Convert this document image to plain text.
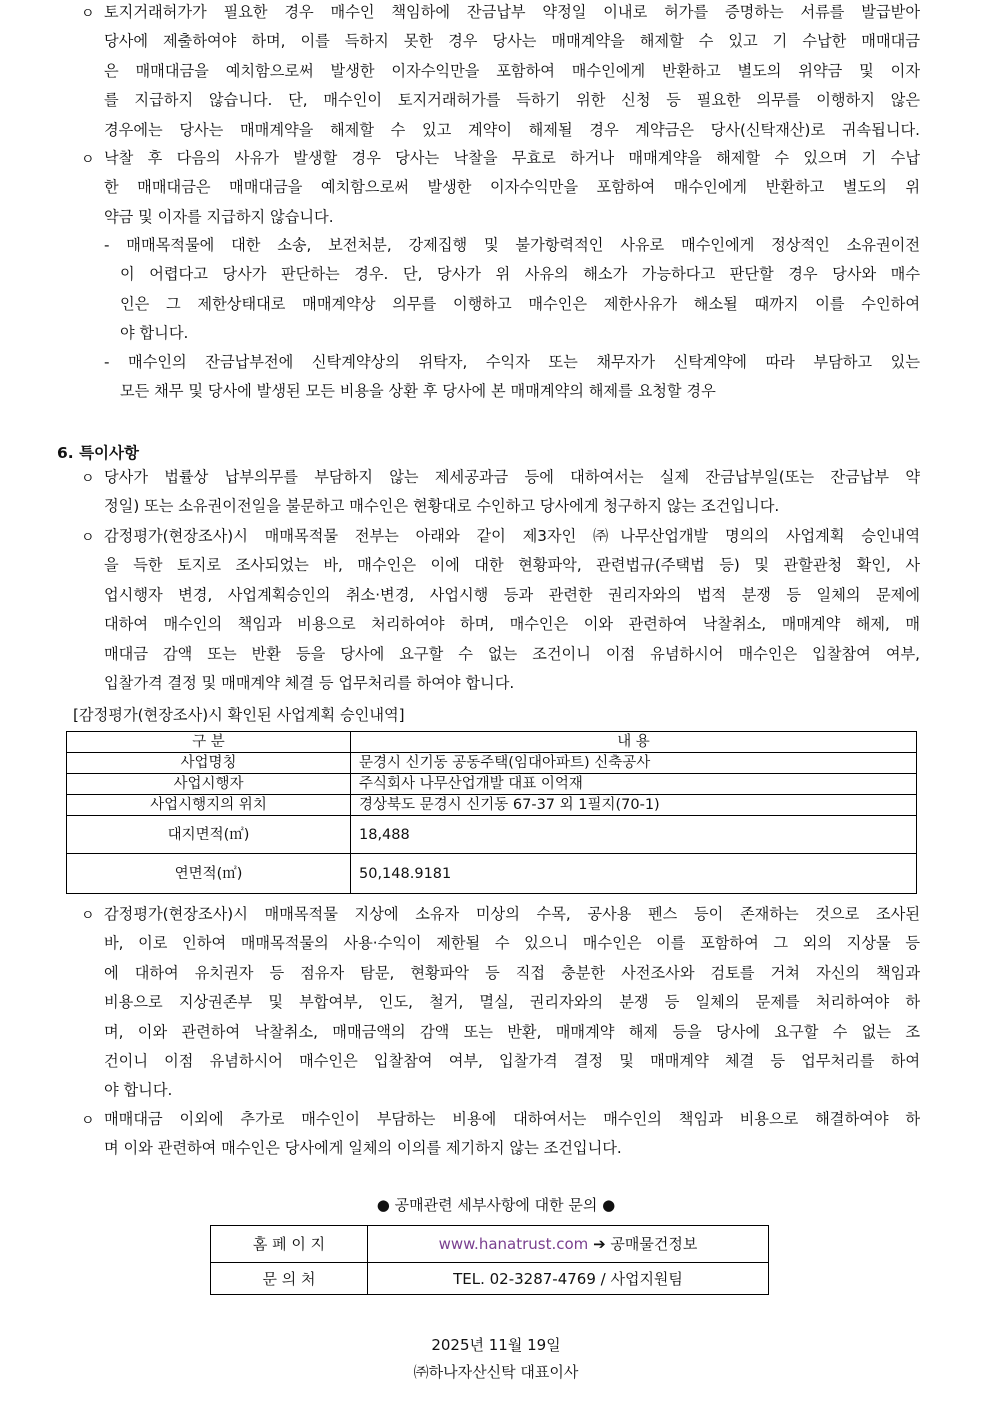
ㅇ 토지거래허가가 필요한 경우 매수인 책임하에 잔금납부 약정일 이내로 허가를 증명하는 서류를 발급받아
당사에 제출하여야 하며, 이를 득하지 못한 경우 당사는 매매계약을 해제할 수 있고 기 수납한 매매대금
은 매매대금을 예치함으로써 발생한 이자수익만을 포함하여 매수인에게 반환하고 별도의 위약금 및 이자
를 지급하지 않습니다. 단, 매수인이 토지거래허가를 득하기 위한 신청 등 필요한 의무를 이행하지 않은
경우에는 당사는 매매계약을 해제할 수 있고 계약이 해제될 경우 계약금은 당사(신탁재산)로 귀속됩니다.
ㅇ 낙찰 후 다음의 사유가 발생할 경우 당사는 낙찰을 무효로 하거나 매매계약을 해제할 수 있으며 기 수납
한 매매대금은 매매대금을 예치함으로써 발생한 이자수익만을 포함하여 매수인에게 반환하고 별도의 위
약금 및 이자를 지급하지 않습니다.
- 매매목적물에 대한 소송, 보전처분, 강제집행 및 불가항력적인 사유로 매수인에게 정상적인 소유권이전
이 어렵다고 당사가 판단하는 경우. 단, 당사가 위 사유의 해소가 가능하다고 판단할 경우 당사와 매수
인은 그 제한상태대로 매매계약상 의무를 이행하고 매수인은 제한사유가 해소될 때까지 이를 수인하여
야 합니다.
- 매수인의 잔금납부전에 신탁계약상의 위탁자, 수익자 또는 채무자가 신탁계약에 따라 부담하고 있는
모든 채무 및 당사에 발생된 모든 비용을 상환 후 당사에 본 매매계약의 해제를 요청할 경우
6. 특이사항
ㅇ 당사가 법률상 납부의무를 부담하지 않는 제세공과금 등에 대하여서는 실제 잔금납부일(또는 잔금납부 약
정일) 또는 소유권이전일을 불문하고 매수인은 현황대로 수인하고 당사에게 청구하지 않는 조건입니다.
ㅇ 감정평가(현장조사)시 매매목적물 전부는 아래와 같이 제3자인 ㈜나무산업개발 명의의 사업계획 승인내역
을 득한 토지로 조사되었는 바, 매수인은 이에 대한 현황파악, 관련법규(주택법 등) 및 관할관청 확인, 사
업시행자 변경, 사업계획승인의 취소·변경, 사업시행 등과 관련한 권리자와의 법적 분쟁 등 일체의 문제에
대하여 매수인의 책임과 비용으로 처리하여야 하며, 매수인은 이와 관련하여 낙찰취소, 매매계약 해제, 매
매대금 감액 또는 반환 등을 당사에 요구할 수 없는 조건이니 이점 유념하시어 매수인은 입찰참여 여부,
입찰가격 결정 및 매매계약 체결 등 업무처리를 하여야 합니다.
[감정평가(현장조사)시 확인된 사업계획 승인내역]
구 분	내 용
사업명칭	문경시 신기동 공동주택(임대아파트) 신축공사
사업시행자	주식회사 나무산업개발 대표 이억재
사업시행지의 위치	경상북도 문경시 신기동 67-37 외 1필지(70-1)
대지면적(㎡)	18,488
연면적(㎡)	50,148.9181
ㅇ 감정평가(현장조사)시 매매목적물 지상에 소유자 미상의 수목, 공사용 펜스 등이 존재하는 것으로 조사된
바, 이로 인하여 매매목적물의 사용·수익이 제한될 수 있으니 매수인은 이를 포함하여 그 외의 지상물 등
에 대하여 유치권자 등 점유자 탐문, 현황파악 등 직접 충분한 사전조사와 검토를 거쳐 자신의 책임과
비용으로 지상권존부 및 부합여부, 인도, 철거, 멸실, 권리자와의 분쟁 등 일체의 문제를 처리하여야 하
며, 이와 관련하여 낙찰취소, 매매금액의 감액 또는 반환, 매매계약 해제 등을 당사에 요구할 수 없는 조
건이니 이점 유념하시어 매수인은 입찰참여 여부, 입찰가격 결정 및 매매계약 체결 등 업무처리를 하여
야 합니다.
ㅇ 매매대금 이외에 추가로 매수인이 부담하는 비용에 대하여서는 매수인의 책임과 비용으로 해결하여야 하
며 이와 관련하여 매수인은 당사에게 일체의 이의를 제기하지 않는 조건입니다.
● 공매관련 세부사항에 대한 문의 ●
홈 페 이 지	www.hanatrust.com ➔ 공매물건정보
문 의 처	TEL. 02-3287-4769 / 사업지원팀
2025년 11월 19일
㈜하나자산신탁 대표이사
